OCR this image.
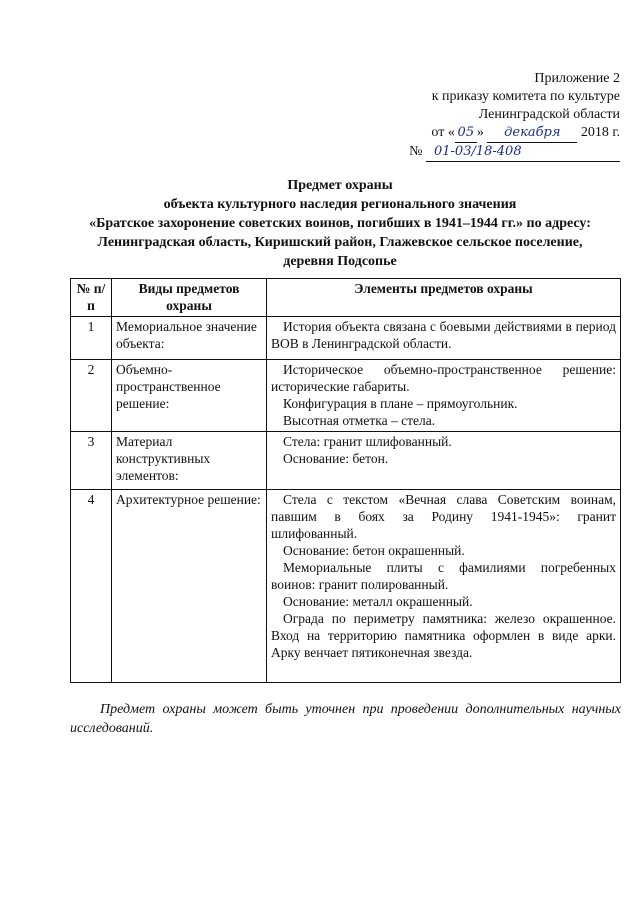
Приложение 2
к приказу комитета по культуре
Ленинградской области
от « 05 » декабря 2018 г.
№ 01-03/18-408
Предмет охраны
объекта культурного наследия регионального значения
«Братское захоронение советских воинов, погибших в 1941–1944 гг.» по адресу:
Ленинградская область, Киришский район, Глажевское сельское поселение,
деревня Подсопье
№ п/п	Виды предметов охраны	Элементы предметов охраны
1	Мемориальное значение объекта:	История объекта связана с боевыми действиями в период ВОВ в Ленинградской области.

2	Объемно-пространственное решение:	Историческое объемно-пространственное решение: исторические габариты.

Конфигурация в плане – прямоугольник.

Высотная отметка – стела.

3	Материал конструктивных элементов:	Стела: гранит шлифованный.

Основание: бетон.

4	Архитектурное решение:	Стела с текстом «Вечная слава Советским воинам, павшим в боях за Родину 1941-1945»: гранит шлифованный.

Основание: бетон окрашенный.

Мемориальные плиты с фамилиями погребенных воинов: гранит полированный.

Основание: металл окрашенный.

Ограда по периметру памятника: железо окрашенное. Вход на территорию памятника оформлен в виде арки. Арку венчает пятиконечная звезда.

Предмет охраны может быть уточнен при проведении дополнительных научных исследований.
